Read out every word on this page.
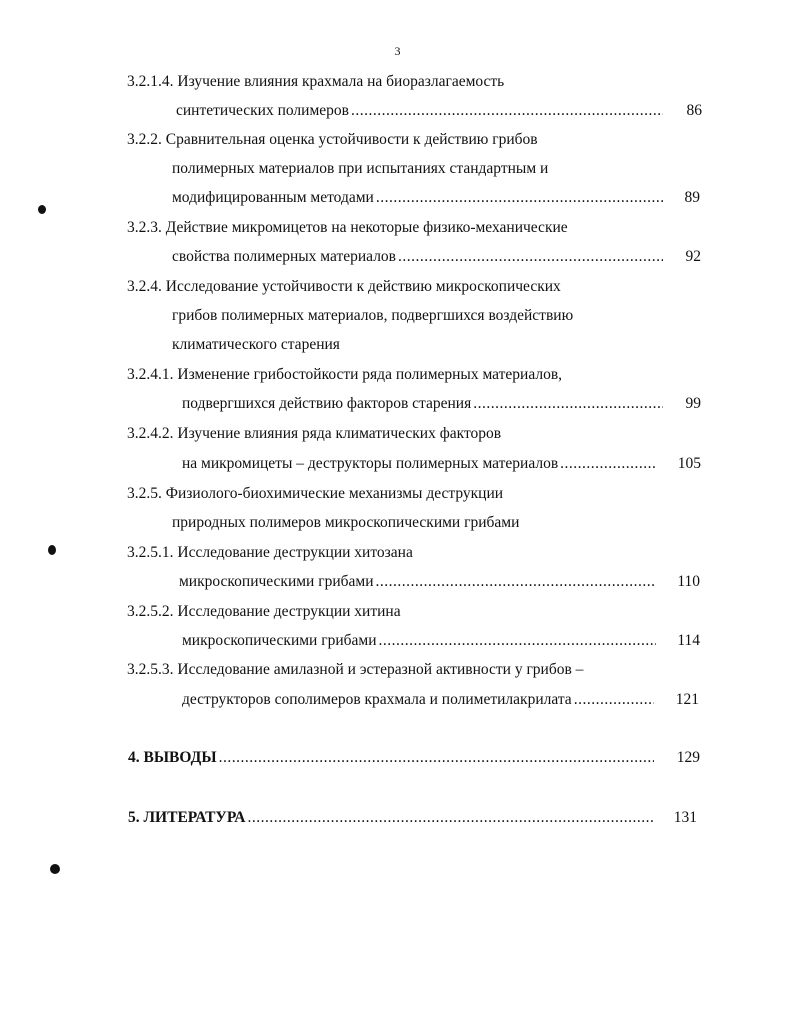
3
3.2.1.4. Изучение влияния крахмала на биоразлагаемость
синтетических полимеров .....	86
3.2.2. Сравнительная оценка устойчивости к действию грибов
полимерных материалов при испытаниях стандартным и
модифицированным методами .....	89
3.2.3. Действие микромицетов на некоторые физико-механические
свойства полимерных материалов .....	92
3.2.4. Исследование устойчивости к действию микроскопических
грибов полимерных материалов, подвергшихся воздействию
климатического старения
3.2.4.1. Изменение грибостойкости ряда полимерных материалов,
подвергшихся действию факторов старения .....	99
3.2.4.2. Изучение влияния ряда климатических факторов
на микромицеты – деструкторы полимерных материалов .....	105
3.2.5. Физиолого-биохимические механизмы деструкции
природных полимеров микроскопическими грибами
3.2.5.1. Исследование деструкции хитозана
микроскопическими грибами .....	110
3.2.5.2. Исследование деструкции хитина
микроскопическими грибами .....	114
3.2.5.3. Исследование амилазной и эстеразной активности у грибов –
деструкторов сополимеров крахмала и полиметилакрилата .....	121
4. ВЫВОДЫ .....	129
5. ЛИТЕРАТУРА .....	131
